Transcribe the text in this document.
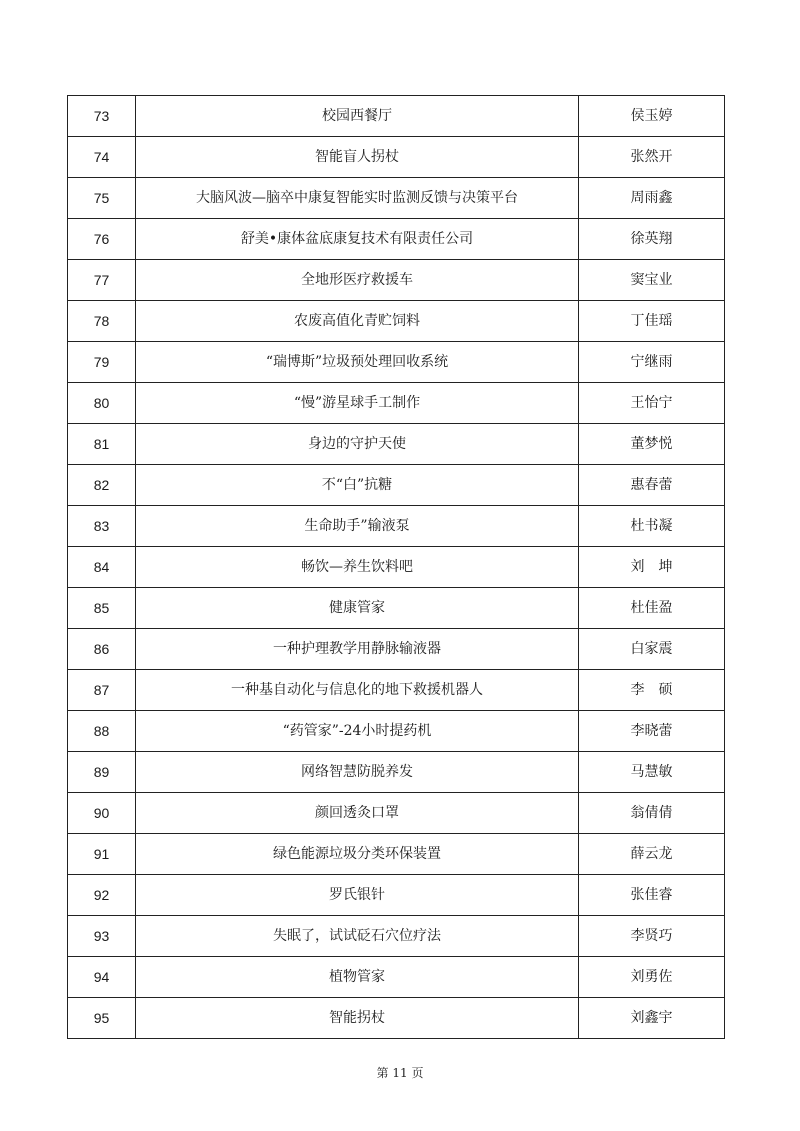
73	校园西餐厅	侯玉婷
74	智能盲人拐杖	张然开
75	大脑风波—脑卒中康复智能实时监测反馈与决策平台	周雨鑫
76	舒美•康体盆底康复技术有限责任公司	徐英翔
77	全地形医疗救援车	窦宝业
78	农废高值化青贮饲料	丁佳瑶
79	“瑞博斯”垃圾预处理回收系统	宁继雨
80	“慢”游星球手工制作	王怡宁
81	身边的守护天使	董梦悦
82	不“白”抗糖	惠春蕾
83	生命助手”输液泵	杜书凝
84	畅饮—养生饮料吧	刘　坤
85	健康管家	杜佳盈
86	一种护理教学用静脉输液器	白家震
87	一种基自动化与信息化的地下救援机器人	李　硕
88	“药管家”-24小时提药机	李晓蕾
89	网络智慧防脱养发	马慧敏
90	颜回透灸口罩	翁倩倩
91	绿色能源垃圾分类环保装置	薛云龙
92	罗氏银针	张佳睿
93	失眠了，试试砭石穴位疗法	李贤巧
94	植物管家	刘勇佐
95	智能拐杖	刘鑫宇
第 11 页
